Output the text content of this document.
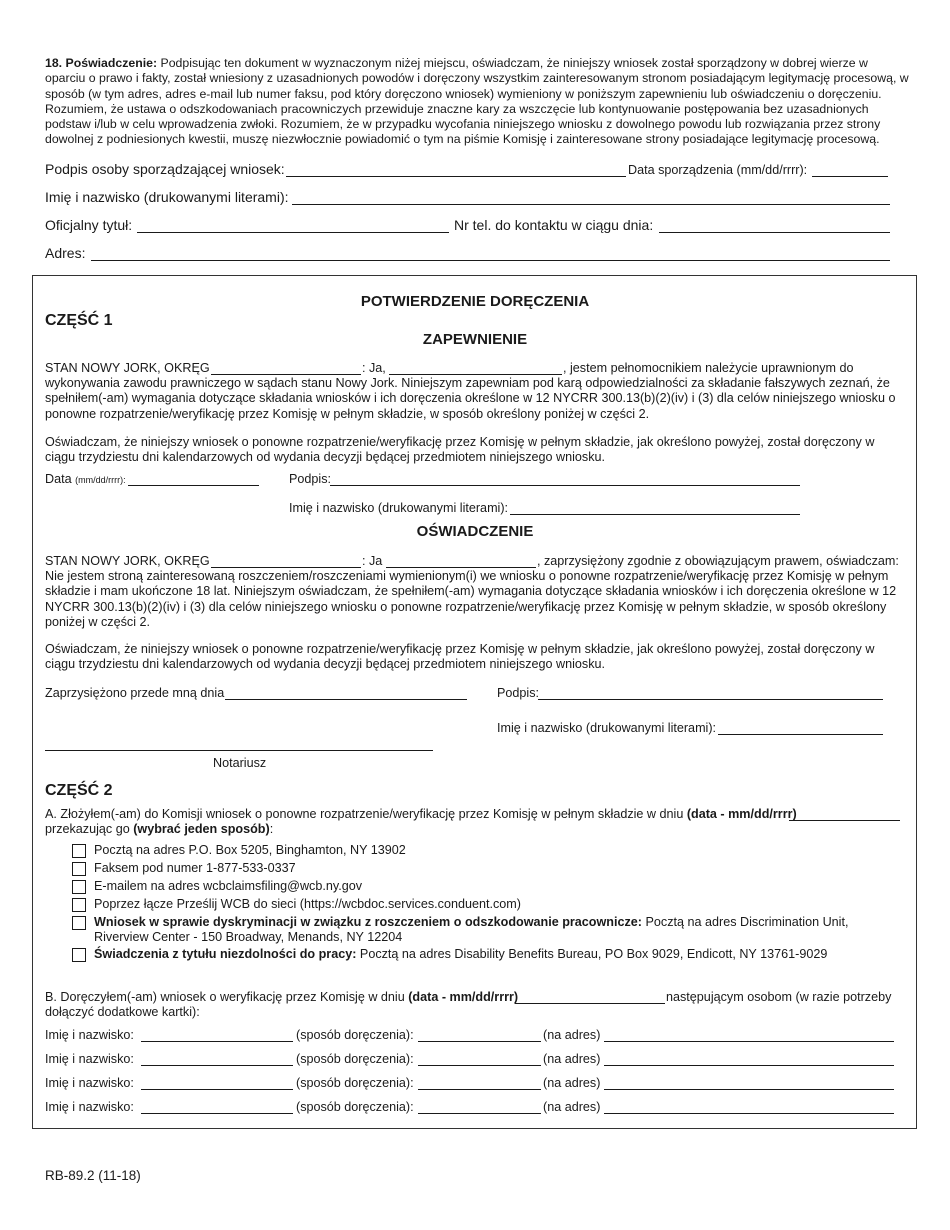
18. Poświadczenie: Podpisując ten dokument w wyznaczonym niżej miejscu, oświadczam, że niniejszy wniosek został sporządzony w dobrej wierze w oparciu o prawo i fakty, został wniesiony z uzasadnionych powodów i doręczony wszystkim zainteresowanym stronom posiadającym legitymację procesową, w sposób (w tym adres, adres e-mail lub numer faksu, pod który doręczono wniosek) wymieniony w poniższym zapewnieniu lub oświadczeniu o doręczeniu. Rozumiem, że ustawa o odszkodowaniach pracowniczych przewiduje znaczne kary za wszczęcie lub kontynuowanie postępowania bez uzasadnionych podstaw i/lub w celu wprowadzenia zwłoki. Rozumiem, że w przypadku wycofania niniejszego wniosku z dowolnego powodu lub rozwiązania przez strony dowolnej z podniesionych kwestii, muszę niezwłocznie powiadomić o tym na piśmie Komisję i zainteresowane strony posiadające legitymację procesową.
Podpis osoby sporządzającej wniosek:	Data sporządzenia (mm/dd/rrrr):
Imię i nazwisko (drukowanymi literami):
Oficjalny tytuł:	Nr tel. do kontaktu w ciągu dnia:
Adres:
POTWIERDZENIE DORĘCZENIA
CZĘŚĆ 1
ZAPEWNIENIE
STAN NOWY JORK, OKRĘG	: Ja,	, jestem pełnomocnikiem należycie uprawnionym do
wykonywania zawodu prawniczego w sądach stanu Nowy Jork. Niniejszym zapewniam pod karą odpowiedzialności za składanie fałszywych zeznań, że spełniłem(-am) wymagania dotyczące składania wniosków i ich doręczenia określone w 12 NYCRR 300.13(b)(2)(iv) i (3) dla celów niniejszego wniosku o ponowne rozpatrzenie/weryfikację przez Komisję w pełnym składzie, w sposób określony poniżej w części 2.
Oświadczam, że niniejszy wniosek o ponowne rozpatrzenie/weryfikację przez Komisję w pełnym składzie, jak określono powyżej, został doręczony w ciągu trzydziestu dni kalendarzowych od wydania decyzji będącej przedmiotem niniejszego wniosku.
Data (mm/dd/rrrr):	Podpis:
Imię i nazwisko (drukowanymi literami):
OŚWIADCZENIE
STAN NOWY JORK, OKRĘG	: Ja	, zaprzysiężony zgodnie z obowiązującym prawem, oświadczam:
Nie jestem stroną zainteresowaną roszczeniem/roszczeniami wymienionym(i) we wniosku o ponowne rozpatrzenie/weryfikację przez Komisję w pełnym składzie i mam ukończone 18 lat. Niniejszym oświadczam, że spełniłem(-am) wymagania dotyczące składania wniosków i ich doręczenia określone w 12 NYCRR 300.13(b)(2)(iv) i (3) dla celów niniejszego wniosku o ponowne rozpatrzenie/weryfikację przez Komisję w pełnym składzie, w sposób określony poniżej w części 2.
Oświadczam, że niniejszy wniosek o ponowne rozpatrzenie/weryfikację przez Komisję w pełnym składzie, jak określono powyżej, został doręczony w ciągu trzydziestu dni kalendarzowych od wydania decyzji będącej przedmiotem niniejszego wniosku.
Zaprzysiężono przede mną dnia	Podpis:
Imię i nazwisko (drukowanymi literami):
Notariusz
CZĘŚĆ 2
A. Złożyłem(-am) do Komisji wniosek o ponowne rozpatrzenie/weryfikację przez Komisję w pełnym składzie w dniu (data - mm/dd/rrrr)
przekazując go (wybrać jeden sposób):
Pocztą na adres P.O. Box 5205, Binghamton, NY 13902
Faksem pod numer 1-877-533-0337
E-mailem na adres wcbclaimsfiling@wcb.ny.gov
Poprzez łącze Prześlij WCB do sieci (https://wcbdoc.services.conduent.com)
Wniosek w sprawie dyskryminacji w związku z roszczeniem o odszkodowanie pracownicze: Pocztą na adres Discrimination Unit, Riverview Center - 150 Broadway, Menands, NY 12204
Świadczenia z tytułu niezdolności do pracy: Pocztą na adres Disability Benefits Bureau, PO Box 9029, Endicott, NY 13761-9029
B. Doręczyłem(-am) wniosek o weryfikację przez Komisję w dniu (data - mm/dd/rrrr)	następującym osobom (w razie potrzeby
dołączyć dodatkowe kartki):
Imię i nazwisko:	(sposób doręczenia):	(na adres)
Imię i nazwisko:	(sposób doręczenia):	(na adres)
Imię i nazwisko:	(sposób doręczenia):	(na adres)
Imię i nazwisko:	(sposób doręczenia):	(na adres)
RB-89.2 (11-18)
